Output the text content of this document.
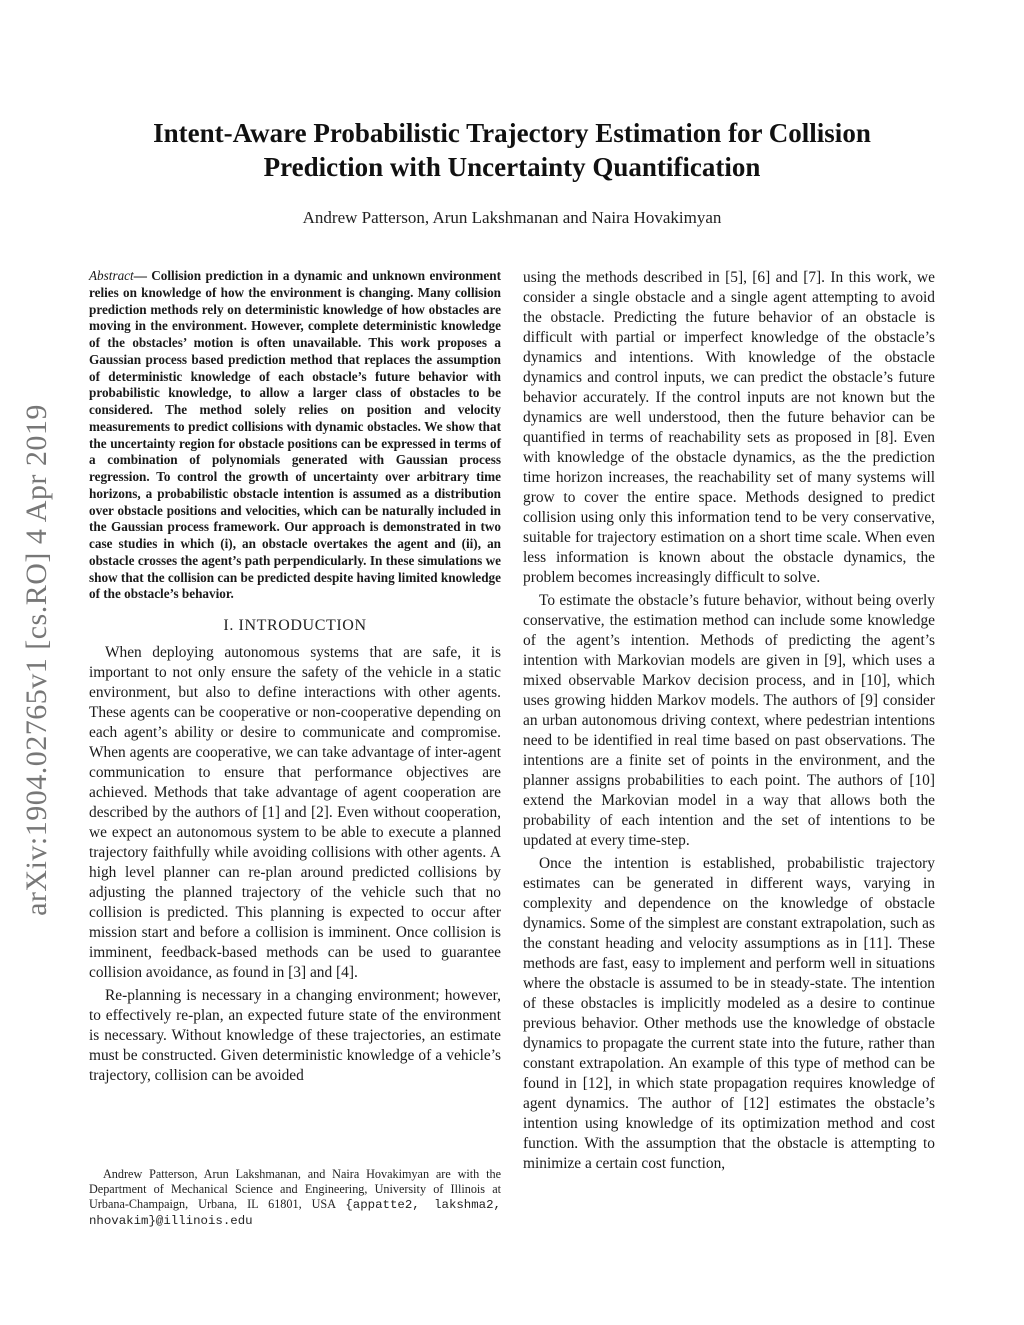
arXiv:1904.02765v1 [cs.RO] 4 Apr 2019
Intent-Aware Probabilistic Trajectory Estimation for Collision
Prediction with Uncertainty Quantification
Andrew Patterson, Arun Lakshmanan and Naira Hovakimyan

Abstract— Collision prediction in a dynamic and unknown environment relies on knowledge of how the environment is changing. Many collision prediction methods rely on deterministic knowledge of how obstacles are moving in the environment. However, complete deterministic knowledge of the obstacles’ motion is often unavailable. This work proposes a Gaussian process based prediction method that replaces the assumption of deterministic knowledge of each obstacle’s future behavior with probabilistic knowledge, to allow a larger class of obstacles to be considered. The method solely relies on position and velocity measurements to predict collisions with dynamic obstacles. We show that the uncertainty region for obstacle positions can be expressed in terms of a combination of polynomials generated with Gaussian process regression. To control the growth of uncertainty over arbitrary time horizons, a probabilistic obstacle intention is assumed as a distribution over obstacle positions and velocities, which can be naturally included in the Gaussian process framework. Our approach is demonstrated in two case studies in which (i), an obstacle overtakes the agent and (ii), an obstacle crosses the agent’s path perpendicularly. In these simulations we show that the collision can be predicted despite having limited knowledge of the obstacle’s behavior.

I. INTRODUCTION

When deploying autonomous systems that are safe, it is important to not only ensure the safety of the vehicle in a static environment, but also to define interactions with other agents. These agents can be cooperative or non-cooperative depending on each agent’s ability or desire to communicate and compromise. When agents are cooperative, we can take advantage of inter-agent communication to ensure that performance objectives are achieved. Methods that take advantage of agent cooperation are described by the authors of [1] and [2]. Even without cooperation, we expect an autonomous system to be able to execute a planned trajectory faithfully while avoiding collisions with other agents. A high level planner can re-plan around predicted collisions by adjusting the planned trajectory of the vehicle such that no collision is predicted. This planning is expected to occur after mission start and before a collision is imminent. Once collision is imminent, feedback-based methods can be used to guarantee collision avoidance, as found in [3] and [4].

Re-planning is necessary in a changing environment; however, to effectively re-plan, an expected future state of the environment is necessary. Without knowledge of these trajectories, an estimate must be constructed. Given deterministic knowledge of a vehicle’s trajectory, collision can be avoided

Andrew Patterson, Arun Lakshmanan, and Naira Hovakimyan are with the Department of Mechanical Science and Engineering, University of Illinois at Urbana-Champaign, Urbana, IL 61801, USA {appatte2, lakshma2, nhovakim}@illinois.edu

using the methods described in [5], [6] and [7]. In this work, we consider a single obstacle and a single agent attempting to avoid the obstacle. Predicting the future behavior of an obstacle is difficult with partial or imperfect knowledge of the obstacle’s dynamics and intentions. With knowledge of the obstacle dynamics and control inputs, we can predict the obstacle’s future behavior accurately. If the control inputs are not known but the dynamics are well understood, then the future behavior can be quantified in terms of reachability sets as proposed in [8]. Even with knowledge of the obstacle dynamics, as the the prediction time horizon increases, the reachability set of many systems will grow to cover the entire space. Methods designed to predict collision using only this information tend to be very conservative, suitable for trajectory estimation on a short time scale. When even less information is known about the obstacle dynamics, the problem becomes increasingly difficult to solve.

To estimate the obstacle’s future behavior, without being overly conservative, the estimation method can include some knowledge of the agent’s intention. Methods of predicting the agent’s intention with Markovian models are given in [9], which uses a mixed observable Markov decision process, and in [10], which uses growing hidden Markov models. The authors of [9] consider an urban autonomous driving context, where pedestrian intentions need to be identified in real time based on past observations. The intentions are a finite set of points in the environment, and the planner assigns probabilities to each point. The authors of [10] extend the Markovian model in a way that allows both the probability of each intention and the set of intentions to be updated at every time-step.

Once the intention is established, probabilistic trajectory estimates can be generated in different ways, varying in complexity and dependence on the knowledge of obstacle dynamics. Some of the simplest are constant extrapolation, such as the constant heading and velocity assumptions as in [11]. These methods are fast, easy to implement and perform well in situations where the obstacle is assumed to be in steady-state. The intention of these obstacles is implicitly modeled as a desire to continue previous behavior. Other methods use the knowledge of obstacle dynamics to propagate the current state into the future, rather than constant extrapolation. An example of this type of method can be found in [12], in which state propagation requires knowledge of agent dynamics. The author of [12] estimates the obstacle’s intention using knowledge of its optimization method and cost function. With the assumption that the obstacle is attempting to minimize a certain cost function,
